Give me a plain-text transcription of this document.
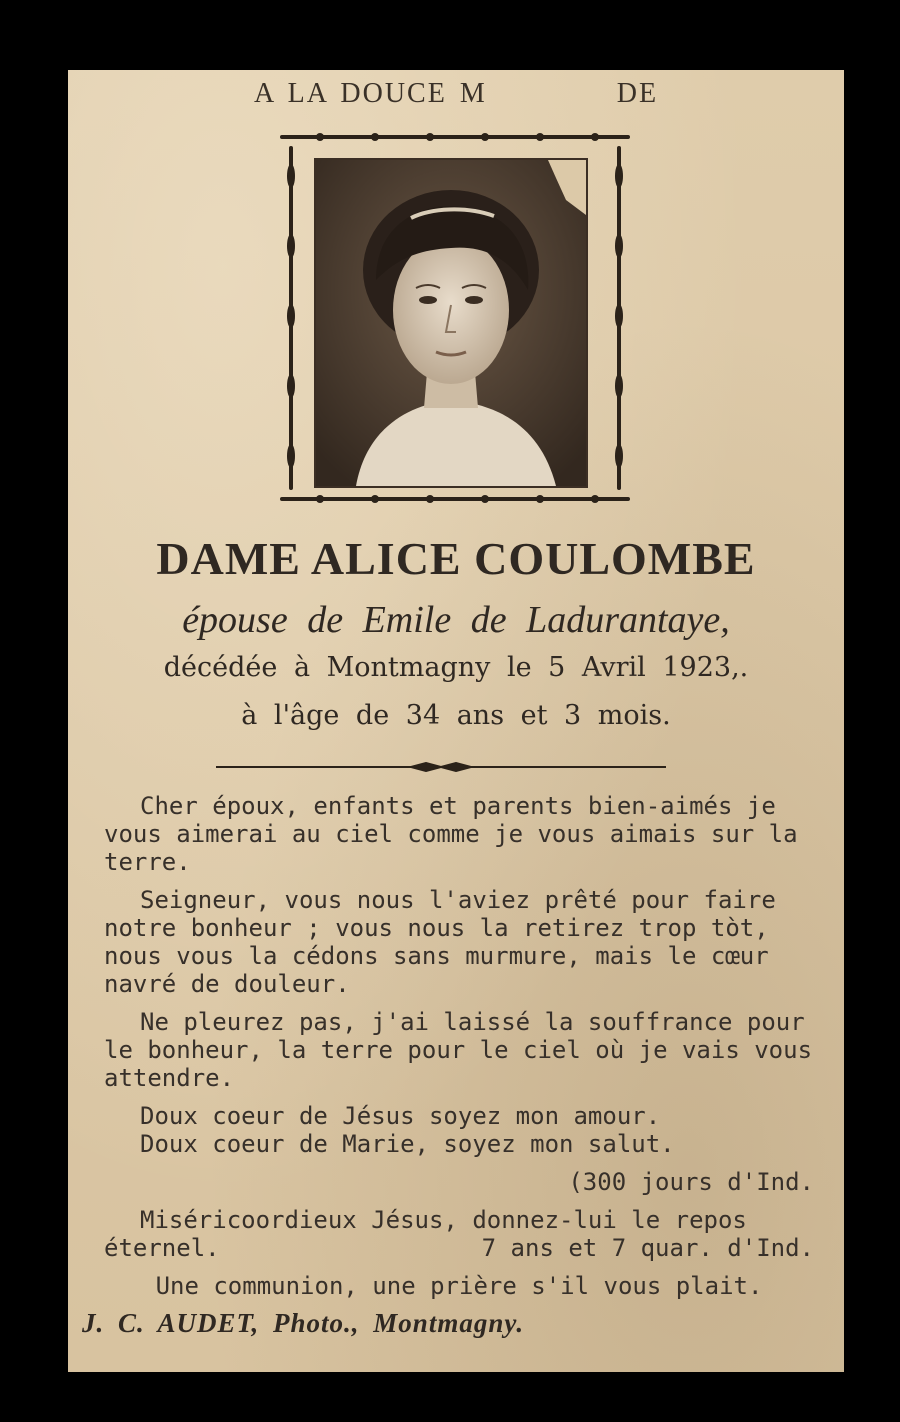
A LA DOUCE M          DE
DAME ALICE COULOMBE
épouse de Emile de Ladurantaye,
décédée à Montmagny le 5 Avril 1923,.
à l'âge de 34 ans et 3 mois.

Cher époux, enfants et parents bien-aimés je vous aimerai au ciel comme je vous aimais sur la terre.

Seigneur, vous nous l'aviez prêté pour faire notre bonheur ; vous nous la retirez trop tòt, nous vous la cédons sans murmure, mais le cœur navré de douleur.

Ne pleurez pas, j'ai laissé la souffrance pour le bonheur, la terre pour le ciel où je vais vous attendre.

Doux coeur de Jésus soyez mon amour.
Doux coeur de Marie, soyez mon salut.

(300 jours d'Ind.

Miséricoordieux Jésus, donnez-lui le repos
éternel.	7 ans et 7 quar. d'Ind.

Une communion, une prière s'il vous plait.

J. C. AUDET, Photo., Montmagny.
